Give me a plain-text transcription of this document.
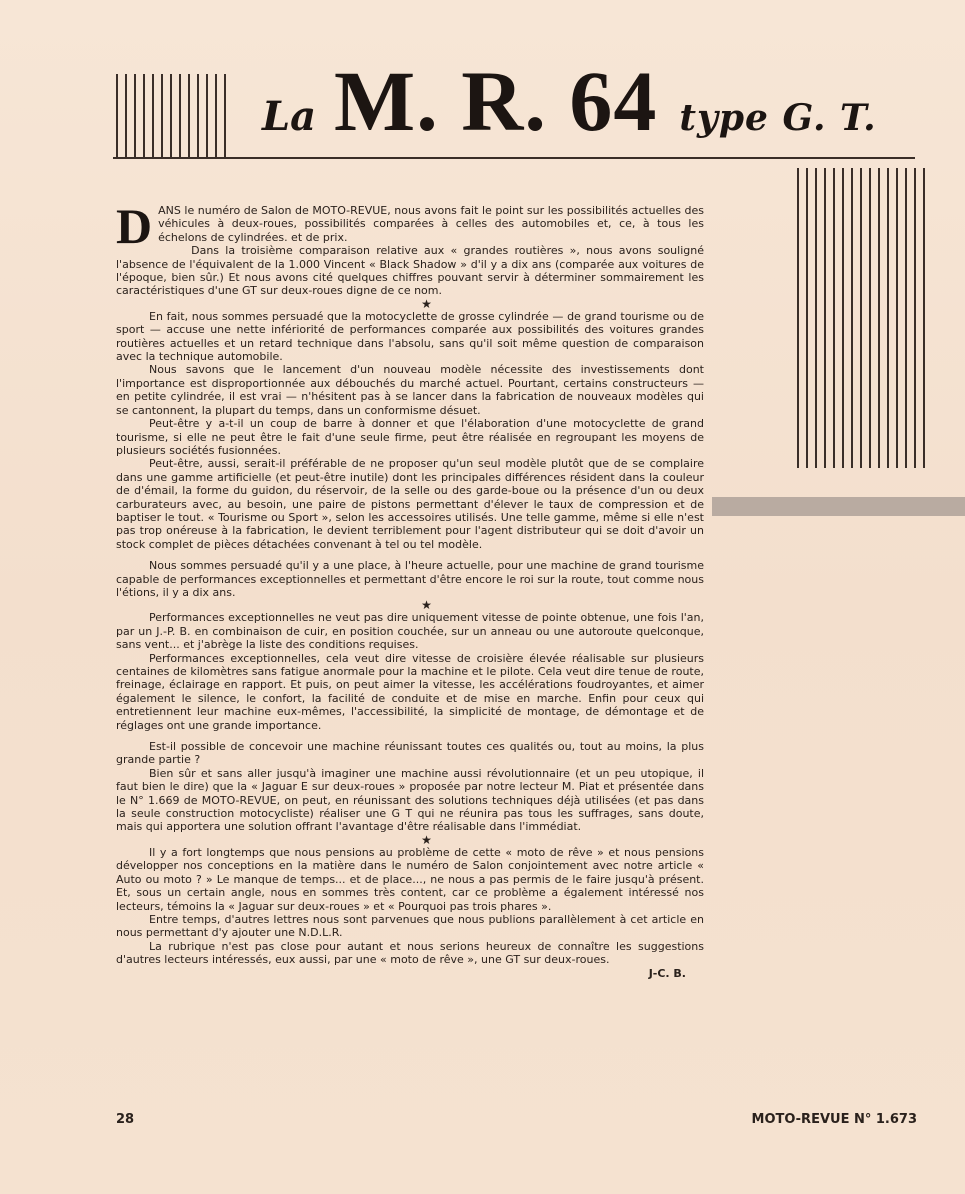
La M. R. 64 type G. T.

DANS le numéro de Salon de MOTO-REVUE, nous avons fait le point sur les possibilités actuelles des véhicules à deux-roues, possibilités comparées à celles des automobiles et, ce, à tous les échelons de cylindrées. et de prix.

Dans la troisième comparaison relative aux « grandes routières », nous avons souligné l'absence de l'équivalent de la 1.000 Vincent « Black Shadow » d'il y a dix ans (comparée aux voitures de l'époque, bien sûr.) Et nous avons cité quelques chiffres pouvant servir à déterminer sommairement les caractéristiques d'une GT sur deux-roues digne de ce nom.

★

En fait, nous sommes persuadé que la motocyclette de grosse cylindrée — de grand tourisme ou de sport — accuse une nette infériorité de performances comparée aux possibilités des voitures grandes routières actuelles et un retard technique dans l'absolu, sans qu'il soit même question de comparaison avec la technique automobile.

Nous savons que le lancement d'un nouveau modèle nécessite des investissements dont l'importance est disproportionnée aux débouchés du marché actuel. Pourtant, certains constructeurs — en petite cylindrée, il est vrai — n'hésitent pas à se lancer dans la fabrication de nouveaux modèles qui se cantonnent, la plupart du temps, dans un conformisme désuet.

Peut-être y a-t-il un coup de barre à donner et que l'élaboration d'une motocyclette de grand tourisme, si elle ne peut être le fait d'une seule firme, peut être réalisée en regroupant les moyens de plusieurs sociétés fusionnées.

Peut-être, aussi, serait-il préférable de ne proposer qu'un seul modèle plutôt que de se complaire dans une gamme artificielle (et peut-être inutile) dont les principales différences résident dans la couleur de d'émail, la forme du guidon, du réservoir, de la selle ou des garde-boue ou la présence d'un ou deux carburateurs avec, au besoin, une paire de pistons permettant d'élever le taux de compression et de baptiser le tout. « Tourisme ou Sport », selon les accessoires utilisés. Une telle gamme, même si elle n'est pas trop onéreuse à la fabrication, le devient terriblement pour l'agent distributeur qui se doit d'avoir un stock complet de pièces détachées convenant à tel ou tel modèle.

Nous sommes persuadé qu'il y a une place, à l'heure actuelle, pour une machine de grand tourisme capable de performances exceptionnelles et permettant d'être encore le roi sur la route, tout comme nous l'étions, il y a dix ans.

★

Performances exceptionnelles ne veut pas dire uniquement vitesse de pointe obtenue, une fois l'an, par un J.-P. B. en combinaison de cuir, en position couchée, sur un anneau ou une autoroute quelconque, sans vent... et j'abrège la liste des conditions requises.

Performances exceptionnelles, cela veut dire vitesse de croisière élevée réalisable sur plusieurs centaines de kilomètres sans fatigue anormale pour la machine et le pilote. Cela veut dire tenue de route, freinage, éclairage en rapport. Et puis, on peut aimer la vitesse, les accélérations foudroyantes, et aimer également le silence, le confort, la facilité de conduite et de mise en marche. Enfin pour ceux qui entretiennent leur machine eux-mêmes, l'accessibilité, la simplicité de montage, de démontage et de réglages ont une grande importance.

Est-il possible de concevoir une machine réunissant toutes ces qualités ou, tout au moins, la plus grande partie ?

Bien sûr et sans aller jusqu'à imaginer une machine aussi révolutionnaire (et un peu utopique, il faut bien le dire) que la « Jaguar E sur deux-roues » proposée par notre lecteur M. Piat et présentée dans le N° 1.669 de MOTO-REVUE, on peut, en réunissant des solutions techniques déjà utilisées (et pas dans la seule construction motocycliste) réaliser une G T qui ne réunira pas tous les suffrages, sans doute, mais qui apportera une solution offrant l'avantage d'être réalisable dans l'immédiat.

★

Il y a fort longtemps que nous pensions au problème de cette « moto de rêve » et nous pensions développer nos conceptions en la matière dans le numéro de Salon conjointement avec notre article « Auto ou moto ? » Le manque de temps... et de place..., ne nous a pas permis de le faire jusqu'à présent. Et, sous un certain angle, nous en sommes très content, car ce problème a également intéressé nos lecteurs, témoins la « Jaguar sur deux-roues » et « Pourquoi pas trois phares ».

Entre temps, d'autres lettres nous sont parvenues que nous publions parallèlement à cet article en nous permettant d'y ajouter une N.D.L.R.

La rubrique n'est pas close pour autant et nous serions heureux de connaître les suggestions d'autres lecteurs intéressés, eux aussi, par une « moto de rêve », une GT sur deux-roues.

J-C. B.

28	MOTO-REVUE N° 1.673
